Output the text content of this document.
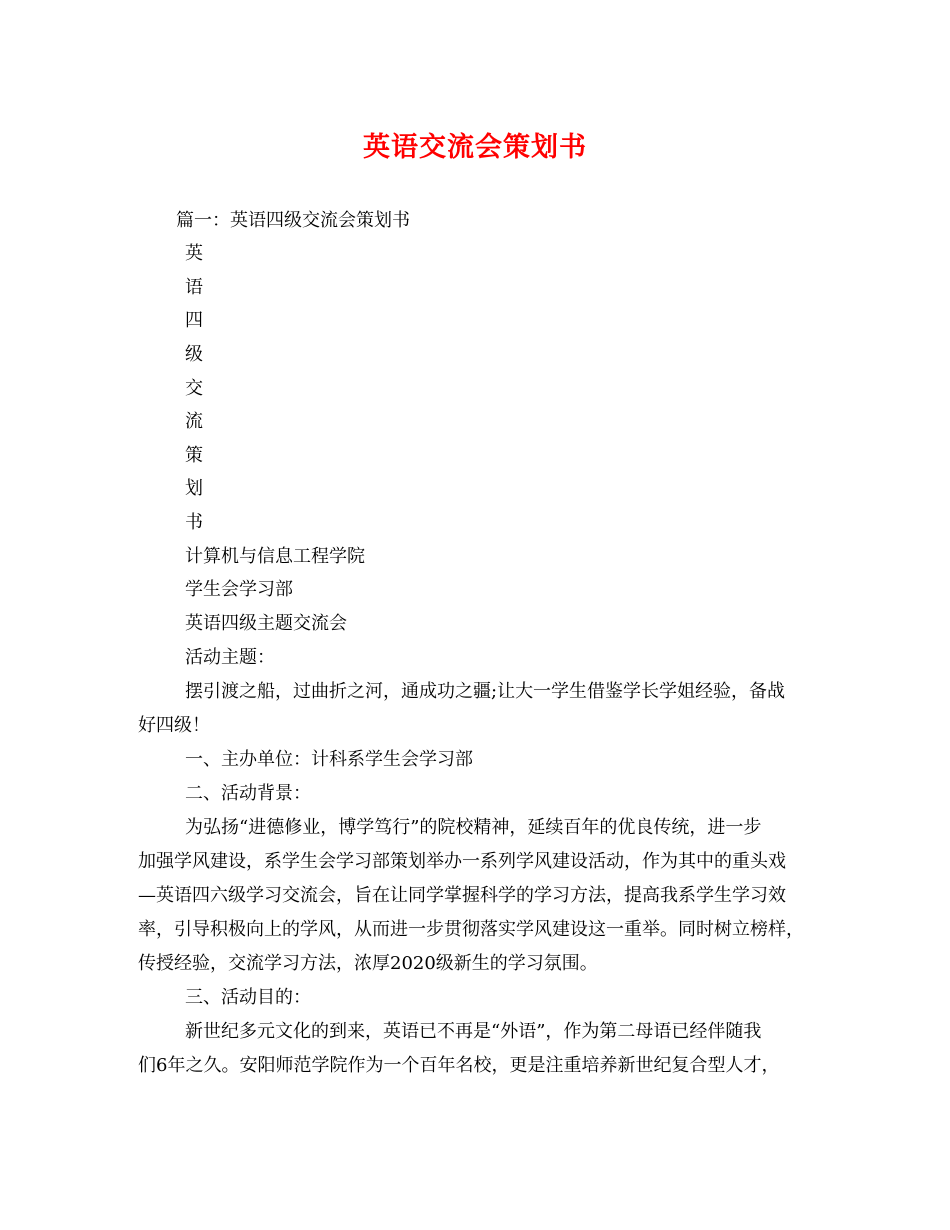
英语交流会策划书
篇一：英语四级交流会策划书
英
语
四
级
交
流
策
划
书
计算机与信息工程学院
学生会学习部
英语四级主题交流会
活动主题：
摆引渡之船，过曲折之河，通成功之疆;让大一学生借鉴学长学姐经验，备战
好四级！
一、主办单位：计科系学生会学习部
二、活动背景：
为弘扬“进德修业，博学笃行”的院校精神，延续百年的优良传统，进一步
加强学风建设，系学生会学习部策划举办一系列学风建设活动，作为其中的重头戏
—英语四六级学习交流会，旨在让同学掌握科学的学习方法，提高我系学生学习效
率，引导积极向上的学风，从而进一步贯彻落实学风建设这一重举。同时树立榜样，
传授经验，交流学习方法，浓厚2020级新生的学习氛围。
三、活动目的：
新世纪多元文化的到来，英语已不再是“外语”，作为第二母语已经伴随我
们6年之久。安阳师范学院作为一个百年名校，更是注重培养新世纪复合型人才，
